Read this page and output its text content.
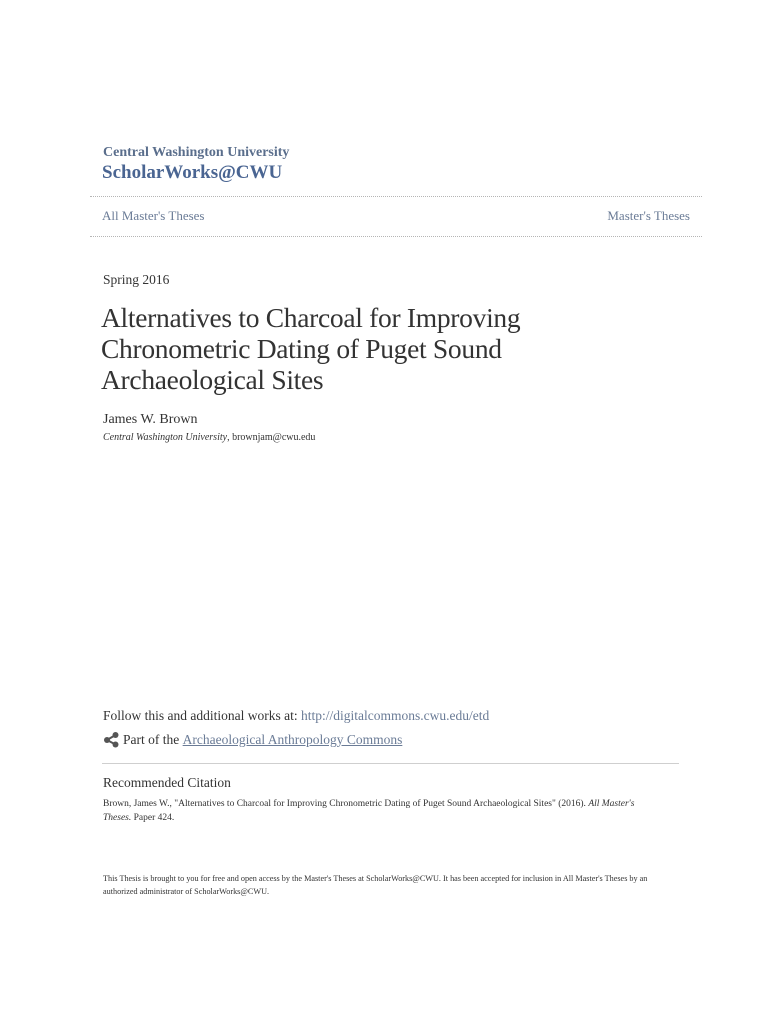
Central Washington University
ScholarWorks@CWU
All Master's Theses	Master's Theses
Spring 2016
Alternatives to Charcoal for Improving Chronometric Dating of Puget Sound Archaeological Sites
James W. Brown
Central Washington University, brownjam@cwu.edu
Follow this and additional works at: http://digitalcommons.cwu.edu/etd
Part of the Archaeological Anthropology Commons
Recommended Citation
Brown, James W., "Alternatives to Charcoal for Improving Chronometric Dating of Puget Sound Archaeological Sites" (2016). All Master's Theses. Paper 424.
This Thesis is brought to you for free and open access by the Master's Theses at ScholarWorks@CWU. It has been accepted for inclusion in All Master's Theses by an authorized administrator of ScholarWorks@CWU.
